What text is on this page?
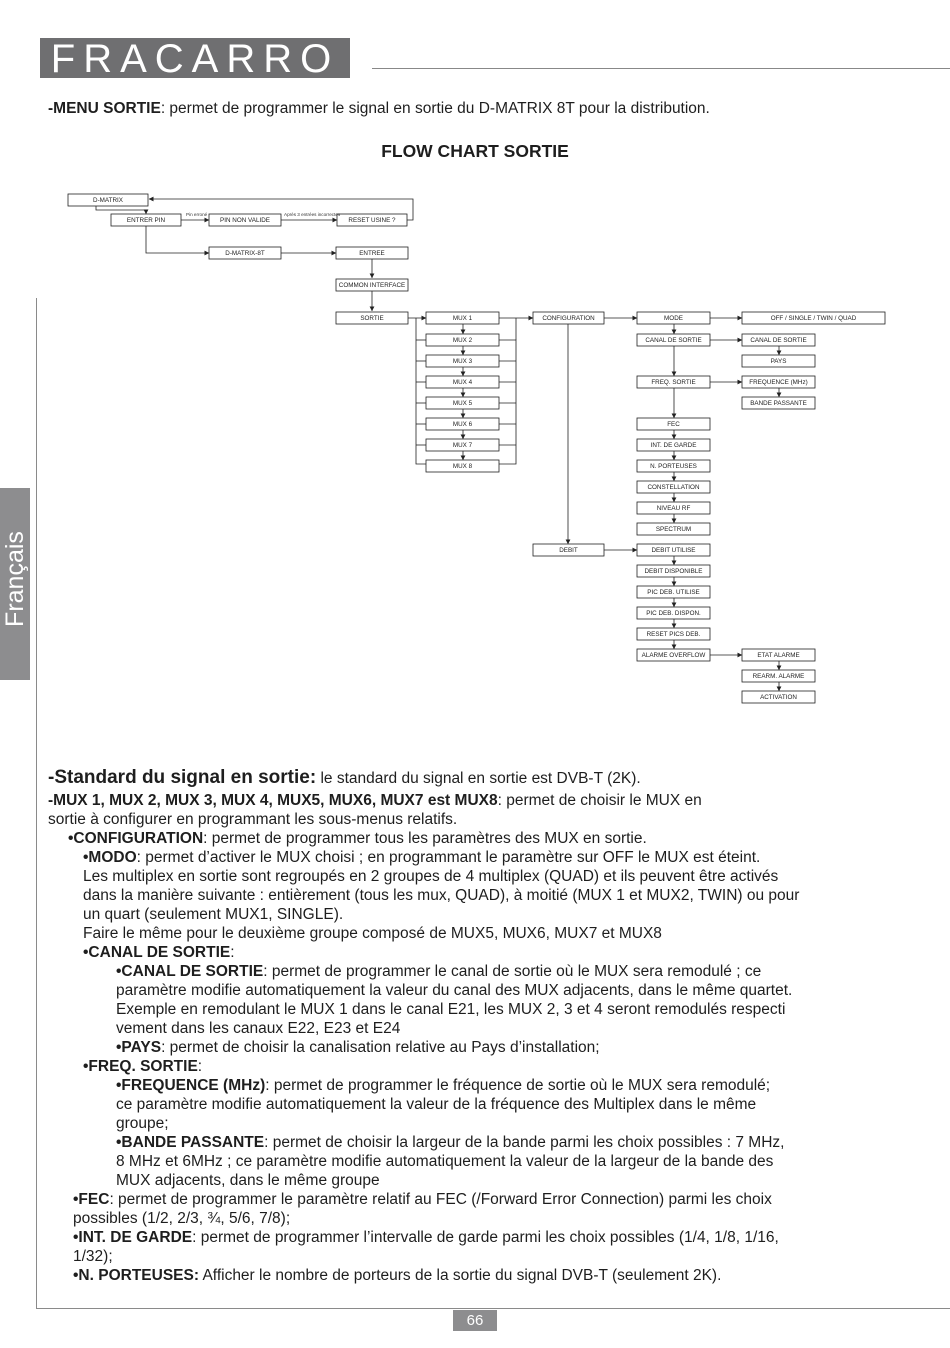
FRACARRO
Français
-MENU SORTIE: permet de programmer le signal en sortie du D-MATRIX 8T pour la distribution.
FLOW CHART SORTIE
D-MATRIX
ENTRER PIN	PIN NON VALIDE	RESET USINE ?
D-MATRIX-8T	ENTREE
COMMON INTERFACE
SORTIE	MUX 1
MUX 2
MUX 3
MUX 4
MUX 5
MUX 6
MUX 7
MUX 8
CONFIGURATION
DEBIT
MODE
CANAL DE SORTIE
FREQ. SORTIE
FEC
INT. DE GARDE
N. PORTEUSES
CONSTELLATION
NIVEAU RF
SPECTRUM
DEBIT UTILISE
DEBIT DISPONIBLE
PIC DEB. UTILISE
PIC DEB. DISPON.
RESET PICS DEB.
ALARME OVERFLOW
OFF / SINGLE / TWIN / QUAD
CANAL DE SORTIE
PAYS
FREQUENCE (MHz)
BANDE PASSANTE
ETAT ALARME
REARM. ALARME
ACTIVATION
Pin erroné	Après 3 entrées incorrectes
-Standard du signal en sortie: le standard du signal en sortie est DVB-T (2K).
-MUX 1, MUX 2, MUX 3, MUX 4, MUX5, MUX6, MUX7 est MUX8: permet de choisir le MUX en
sortie à configurer en programmant les sous-menus relatifs.
•CONFIGURATION: permet de programmer tous les paramètres des MUX en sortie.
•MODO: permet d’activer le MUX choisi ; en programmant le paramètre sur OFF le MUX est éteint.
Les multiplex en sortie sont regroupés en 2 groupes de 4 multiplex (QUAD) et ils peuvent être activés
dans la manière suivante : entièrement (tous les mux, QUAD), à moitié (MUX 1 et MUX2, TWIN) ou pour
un quart (seulement MUX1, SINGLE).
Faire le même pour le deuxième groupe composé de MUX5, MUX6, MUX7 et MUX8
•CANAL DE SORTIE:
•CANAL DE SORTIE: permet de programmer le canal de sortie où le MUX sera remodulé ; ce
paramètre modifie automatiquement la valeur du canal des MUX adjacents, dans le même quartet.
Exemple en remodulant le MUX 1 dans le canal E21, les MUX 2, 3 et 4 seront remodulés respecti
vement dans les canaux E22, E23 et E24
•PAYS: permet de choisir la canalisation relative au Pays d’installation;
•FREQ. SORTIE:
•FREQUENCE (MHz): permet de programmer le fréquence de sortie où le MUX sera remodulé;
ce paramètre modifie automatiquement la valeur de la fréquence des Multiplex dans le même
groupe;
•BANDE PASSANTE: permet de choisir la largeur de la bande parmi les choix possibles : 7 MHz,
8 MHz et 6MHz ; ce paramètre modifie automatiquement la valeur de la largeur de la bande des
MUX adjacents, dans le même groupe
•FEC: permet de programmer le paramètre relatif au FEC (/Forward Error Connection) parmi les choix
possibles (1/2, 2/3, ¾, 5/6, 7/8);
•INT. DE GARDE: permet de programmer l’intervalle de garde parmi les choix possibles (1/4, 1/8, 1/16,
1/32);
•N. PORTEUSES: Afficher le nombre de porteurs de la sortie du signal DVB-T (seulement 2K).
66
